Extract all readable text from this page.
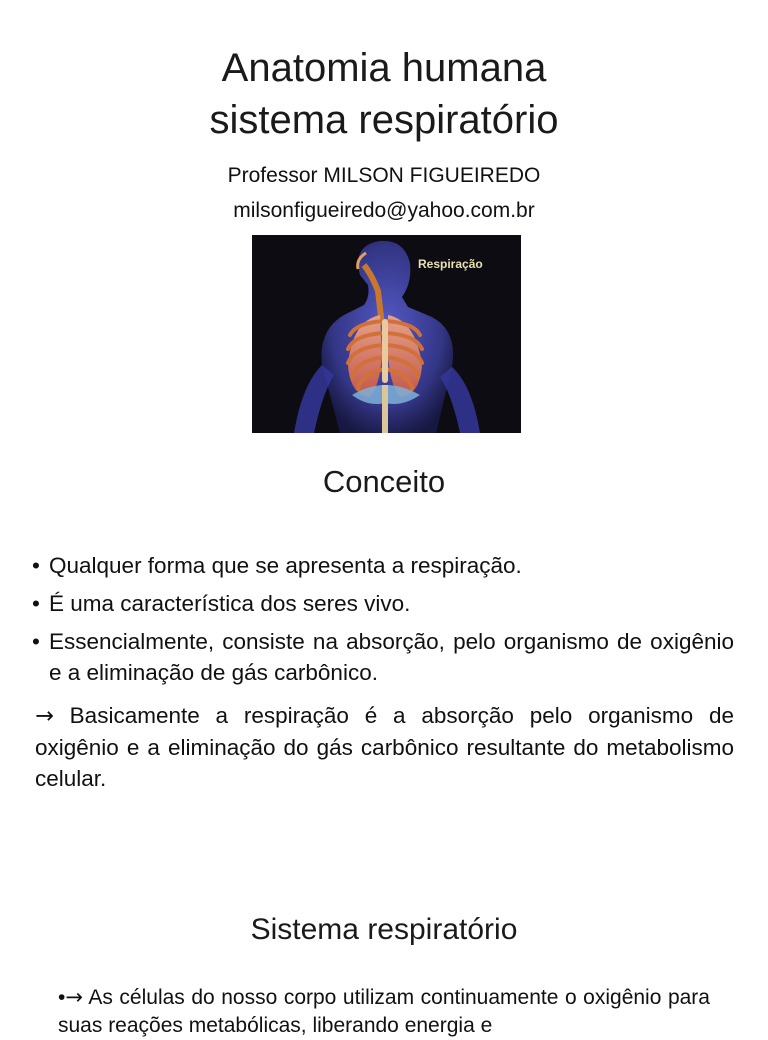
Anatomia humana
sistema respiratório
Professor MILSON FIGUEIREDO
milsonfigueiredo@yahoo.com.br
Respiração
Conceito
• Qualquer forma que se apresenta a respiração.
• É uma característica dos seres vivo.
• Essencialmente, consiste na absorção, pelo organismo de oxigênio e a eliminação de gás carbônico.
→ Basicamente a respiração é a absorção pelo organismo de oxigênio e a eliminação do gás carbônico resultante do metabolismo celular.
Sistema respiratório
•→ As células do nosso corpo utilizam continuamente o oxigênio para suas reações metabólicas, liberando energia e
